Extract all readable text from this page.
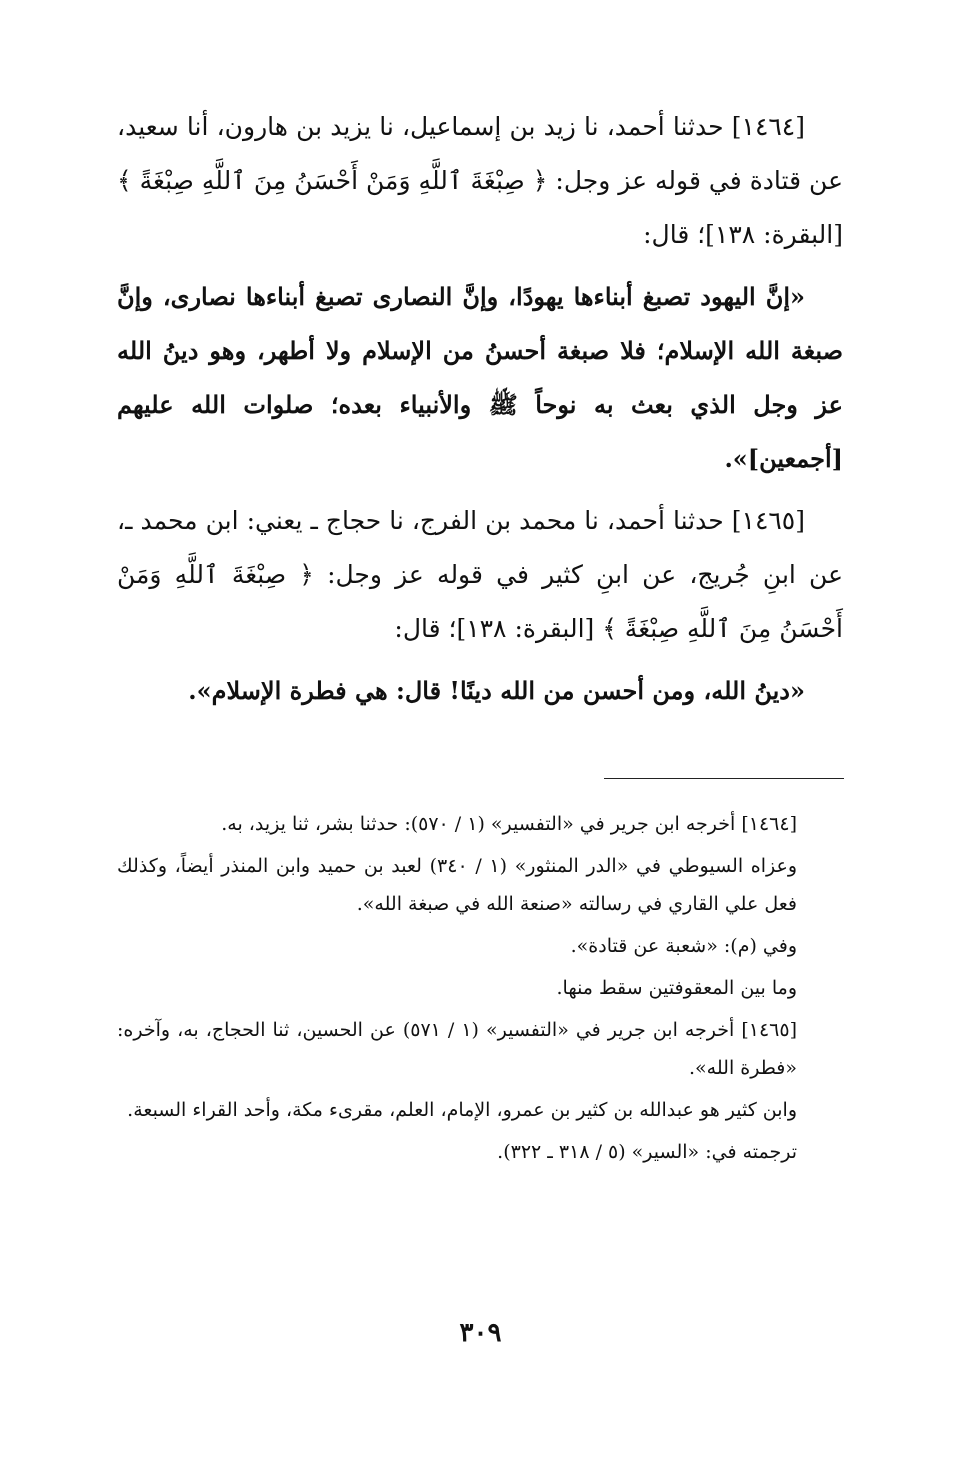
[١٤٦٤] حدثنا أحمد، نا زيد بن إسماعيل، نا يزيد بن هارون، أنا سعيد، عن قتادة في قوله عز وجل: ﴿ صِبْغَةَ ٱللَّهِ وَمَنْ أَحْسَنُ مِنَ ٱللَّهِ صِبْغَةً ﴾ [البقرة: ١٣٨]؛ قال:

«إنَّ اليهود تصبغ أبناءها يهودًا، وإنَّ النصارى تصبغ أبناءها نصارى، وإنَّ صبغة الله الإسلام؛ فلا صبغة أحسنُ من الإسلام ولا أطهر، وهو دينُ الله عز وجل الذي بعث به نوحاً ﷺ والأنبياء بعده؛ صلوات الله عليهم [أجمعين]».

[١٤٦٥] حدثنا أحمد، نا محمد بن الفرج، نا حجاج ـ يعني: ابن محمد ـ، عن ابنِ جُريج، عن ابنِ كثير في قوله عز وجل: ﴿ صِبْغَةَ ٱللَّهِ وَمَنْ أَحْسَنُ مِنَ ٱللَّهِ صِبْغَةً ﴾ [البقرة: ١٣٨]؛ قال:

«دينُ الله، ومن أحسن من الله دينًا! قال: هي فطرة الإسلام».

[١٤٦٤] أخرجه ابن جرير في «التفسير» (١ / ٥٧٠): حدثنا بشر، ثنا يزيد، به.

وعزاه السيوطي في «الدر المنثور» (١ / ٣٤٠) لعبد بن حميد وابن المنذر أيضاً، وكذلك فعل علي القاري في رسالته «صنعة الله في صبغة الله».

وفي (م): «شعبة عن قتادة».

وما بين المعقوفتين سقط منها.

[١٤٦٥] أخرجه ابن جرير في «التفسير» (١ / ٥٧١) عن الحسين، ثنا الحجاج، به، وآخره: «فطرة الله».

وابن كثير هو عبدالله بن كثير بن عمرو، الإمام، العلم، مقرىء مكة، وأحد القراء السبعة.

ترجمته في: «السير» (٥ / ٣١٨ ـ ٣٢٢).

٣٠٩
